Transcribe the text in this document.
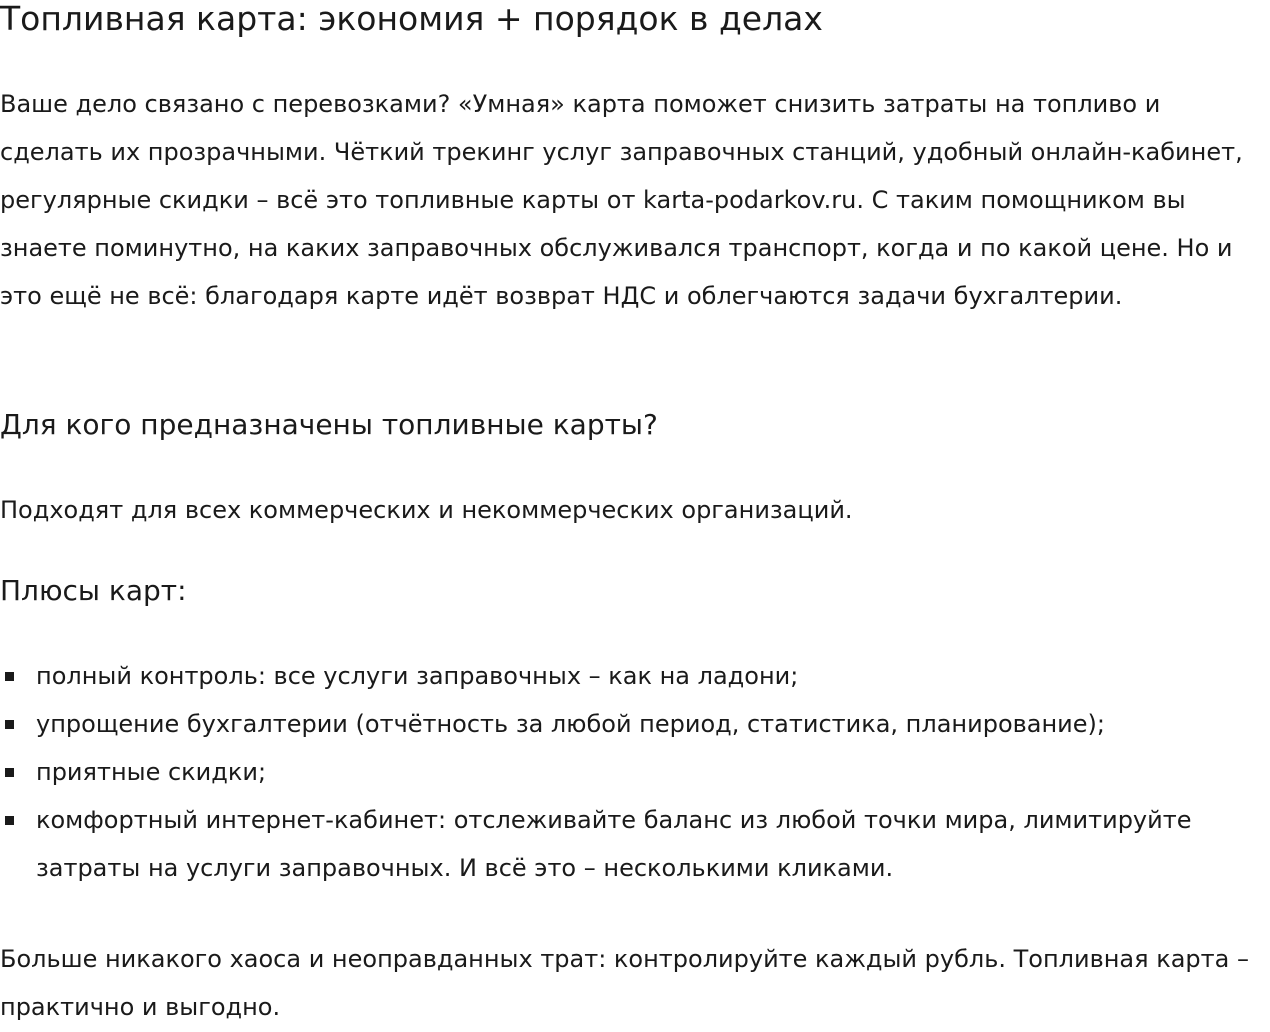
Топливная карта: экономия + порядок в делах

Ваше дело связано с перевозками? «Умная» карта поможет снизить затраты на топливо и сделать их прозрачными. Чёткий трекинг услуг заправочных станций, удобный онлайн-кабинет, регулярные скидки – всё это топливные карты от karta-podarkov.ru. С таким помощником вы знаете поминутно, на каких заправочных обслуживался транспорт, когда и по какой цене. Но и это ещё не всё: благодаря карте идёт возврат НДС и облегчаются задачи бухгалтерии.

Для кого предназначены топливные карты?

Подходят для всех коммерческих и некоммерческих организаций.

Плюсы карт:
полный контроль: все услуги заправочных – как на ладони;
упрощение бухгалтерии (отчётность за любой период, статистика, планирование);
приятные скидки;
комфортный интернет-кабинет: отслеживайте баланс из любой точки мира, лимитируйте затраты на услуги заправочных. И всё это – несколькими кликами.

Больше никакого хаоса и неоправданных трат: контролируйте каждый рубль. Топливная карта – практично и выгодно.
